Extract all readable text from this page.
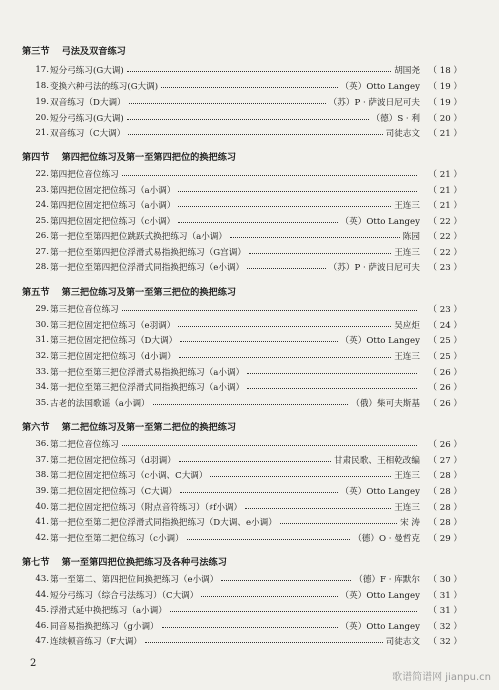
第三节 弓法及双音练习
17. 短分弓练习(G大调)	胡国尧 （ 18 ）
18. 变换六种弓法的练习(G大调)	（英）Otto Langey （ 19 ）
19. 双音练习（D大调）	（苏）P · 萨波日尼可夫 （ 19 ）
20. 短分弓练习(G大调)	（德）S · 利 （ 20 ）
21. 双音练习（C大调）	司徒志文 （ 21 ）
第四节 第四把位练习及第一至第四把位的换把练习
22. 第四把位音位练习	（ 21 ）
23. 第四把位固定把位练习（a小调）	（ 21 ）
24. 第四把位固定把位练习（a小调）	王连三 （ 21 ）
25. 第四把位固定把位练习（c小调）	（英）Otto Langey （ 22 ）
26. 第一把位至第四把位跳跃式换把练习（a小调）	陈园 （ 22 ）
27. 第一把位至第四把位浮滑式易指换把练习（G宫调）	王连三 （ 22 ）
28. 第一把位至第四把位浮滑式同指换把练习（e小调）	（苏）P · 萨波日尼可夫 （ 23 ）
第五节 第三把位练习及第一至第三把位的换把练习
29. 第三把位音位练习	（ 23 ）
30. 第三把位固定把位练习（e羽调）	吴应炬 （ 24 ）
31. 第三把位固定把位练习（D大调）	（英）Otto Langey （ 25 ）
32. 第三把位固定把位练习（d小调）	王连三 （ 25 ）
33. 第一把位至第三把位浮滑式易指换把练习（a小调）	（ 26 ）
34. 第一把位至第三把位浮滑式同指换把练习（a小调）	（ 26 ）
35. 古老的法国歌谣（a小调）	（俄）柴可夫斯基 （ 26 ）
第六节 第二把位练习及第一至第二把位的换把练习
36. 第二把位音位练习	（ 26 ）
37. 第二把位固定把位练习（d羽调）	甘肃民歌、王相乾改编 （ 27 ）
38. 第二把位固定把位练习（c小调、C大调）	王连三 （ 28 ）
39. 第二把位固定把位练习（C大调）	（英）Otto Langey （ 28 ）
40. 第二把位固定把位练习（附点音符练习）（♯f小调）	王连三 （ 28 ）
41. 第一把位至第二把位浮滑式同指换把练习（D大调、e小调）	宋 涛 （ 28 ）
42. 第一把位至第二把位练习（c小调）	（德）O · 曼哲克 （ 29 ）
第七节 第一至第四把位换把练习及各种弓法练习
43. 第一至第二、第四把位间换把练习（e小调）	（德）F · 库默尔 （ 30 ）
44. 短分弓练习（综合弓法练习）（C大调）	（英）Otto Langey （ 31 ）
45. 浮滑式延中换把练习（a小调）	（ 31 ）
46. 同音易指换把练习（g小调）	（英）Otto Langey （ 32 ）
47. 连续顿音练习（F大调）	司徒志文 （ 32 ）
2
歌谱简谱网 jianpu.cn
